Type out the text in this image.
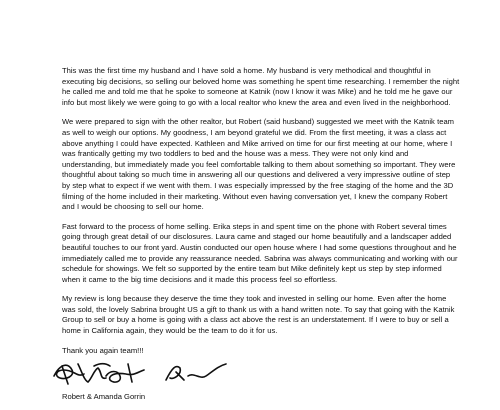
This was the first time my husband and I have sold a home. My husband is very methodical and thoughtful in executing big decisions, so selling our beloved home was something he spent time researching. I remember the night he called me and told me that he spoke to someone at Katnik (now I know it was Mike) and he told me he gave our info but most likely we were going to go with a local realtor who knew the area and even lived in the neighborhood.

We were prepared to sign with the other realtor, but Robert (said husband) suggested we meet with the Katnik team as well to weigh our options. My goodness, I am beyond grateful we did. From the first meeting, it was a class act above anything I could have expected. Kathleen and Mike arrived on time for our first meeting at our home, where I was frantically getting my two toddlers to bed and the house was a mess. They were not only kind and understanding, but immediately made you feel comfortable talking to them about something so important. They were thoughtful about taking so much time in answering all our questions and delivered a very impressive outline of step by step what to expect if we went with them. I was especially impressed by the free staging of the home and the 3D filming of the home included in their marketing. Without even having conversation yet, I knew the company Robert and I would be choosing to sell our home.

Fast forward to the process of home selling. Erika steps in and spent time on the phone with Robert several times going through great detail of our disclosures. Laura came and staged our home beautifully and a landscaper added beautiful touches to our front yard. Austin conducted our open house where I had some questions throughout and he immediately called me to provide any reassurance needed. Sabrina was always communicating and working with our schedule for showings. We felt so supported by the entire team but Mike definitely kept us step by step informed when it came to the big time decisions and it made this process feel so effortless.

My review is long because they deserve the time they took and invested in selling our home. Even after the home was sold, the lovely Sabrina brought US a gift to thank us with a hand written note. To say that going with the Katnik Group to sell or buy a home is going with a class act above the rest is an understatement. If I were to buy or sell a home in California again, they would be the team to do it for us.

Thank you again team!!!

Robert & Amanda Gorrin
